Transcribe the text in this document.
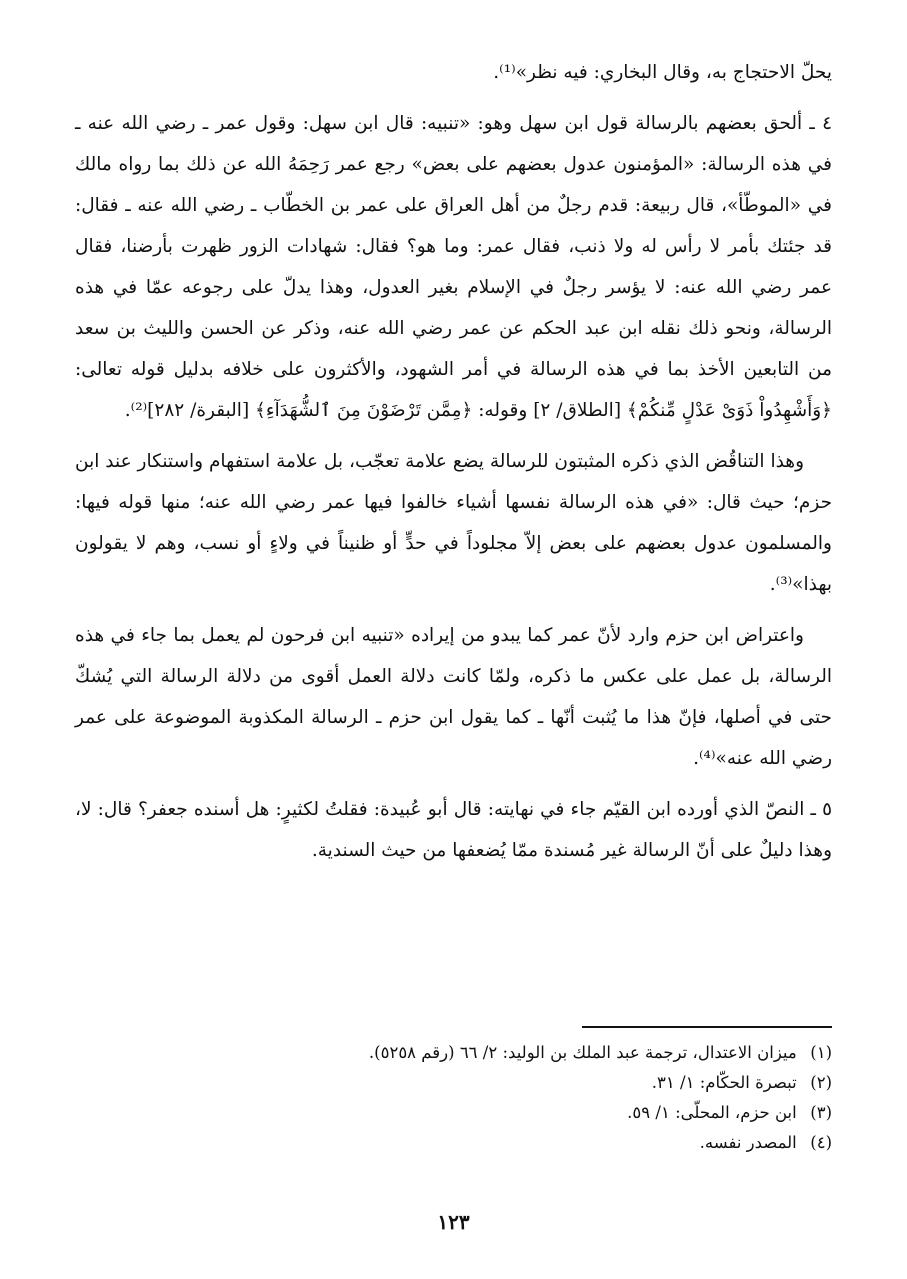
يحلّ الاحتجاج به، وقال البخاري: فيه نظر»⁽¹⁾.

٤ ـ ألحق بعضهم بالرسالة قول ابن سهل وهو: «تنبيه: قال ابن سهل: وقول عمر ـ رضي الله عنه ـ في هذه الرسالة: «المؤمنون عدول بعضهم على بعض» رجع عمر رَحِمَهُ الله عن ذلك بما رواه مالك في «الموطّأ»، قال ربيعة: قدم رجلٌ من أهل العراق على عمر بن الخطّاب ـ رضي الله عنه ـ فقال: قد جئتك بأمر لا رأس له ولا ذنب، فقال عمر: وما هو؟ فقال: شهادات الزور ظهرت بأرضنا، فقال عمر رضي الله عنه: لا يؤسر رجلٌ في الإسلام بغير العدول، وهذا يدلّ على رجوعه عمّا في هذه الرسالة، ونحو ذلك نقله ابن عبد الحكم عن عمر رضي الله عنه، وذكر عن الحسن والليث بن سعد من التابعين الأخذ بما في هذه الرسالة في أمر الشهود، والأكثرون على خلافه بدليل قوله تعالى: ﴿وَأَشْهِدُواْ ذَوَىْ عَدْلٍ مِّنكُمْ﴾ [الطلاق/ ٢] وقوله: ﴿مِمَّن تَرْضَوْنَ مِنَ ٱلشُّهَدَآءِ﴾ [البقرة/ ٢٨٢]⁽²⁾.

وهذا التناقُض الذي ذكره المثبتون للرسالة يضع علامة تعجّب، بل علامة استفهام واستنكار عند ابن حزم؛ حيث قال: «في هذه الرسالة نفسها أشياء خالفوا فيها عمر رضي الله عنه؛ منها قوله فيها: والمسلمون عدول بعضهم على بعض إلاّ مجلوداً في حدٍّ أو ظنيناً في ولاءٍ أو نسب، وهم لا يقولون بهذا»⁽³⁾.

واعتراض ابن حزم وارد لأنّ عمر كما يبدو من إيراده «تنبيه ابن فرحون لم يعمل بما جاء في هذه الرسالة، بل عمل على عكس ما ذكره، ولمّا كانت دلالة العمل أقوى من دلالة الرسالة التي يُشكّ حتى في أصلها، فإنّ هذا ما يُثبت أنّها ـ كما يقول ابن حزم ـ الرسالة المكذوبة الموضوعة على عمر رضي الله عنه»⁽⁴⁾.

٥ ـ النصّ الذي أورده ابن القيّم جاء في نهايته: قال أبو عُبيدة: فقلتُ لكثيرٍ: هل أسنده جعفر؟ قال: لا، وهذا دليلٌ على أنّ الرسالة غير مُسندة ممّا يُضعفها من حيث السندية.

(١) ميزان الاعتدال، ترجمة عبد الملك بن الوليد: ٢/ ٦٦ (رقم ٥٢٥٨).

(٢) تبصرة الحكّام: ١/ ٣١.

(٣) ابن حزم، المحلّى: ١/ ٥٩.

(٤) المصدر نفسه.

١٢٣
